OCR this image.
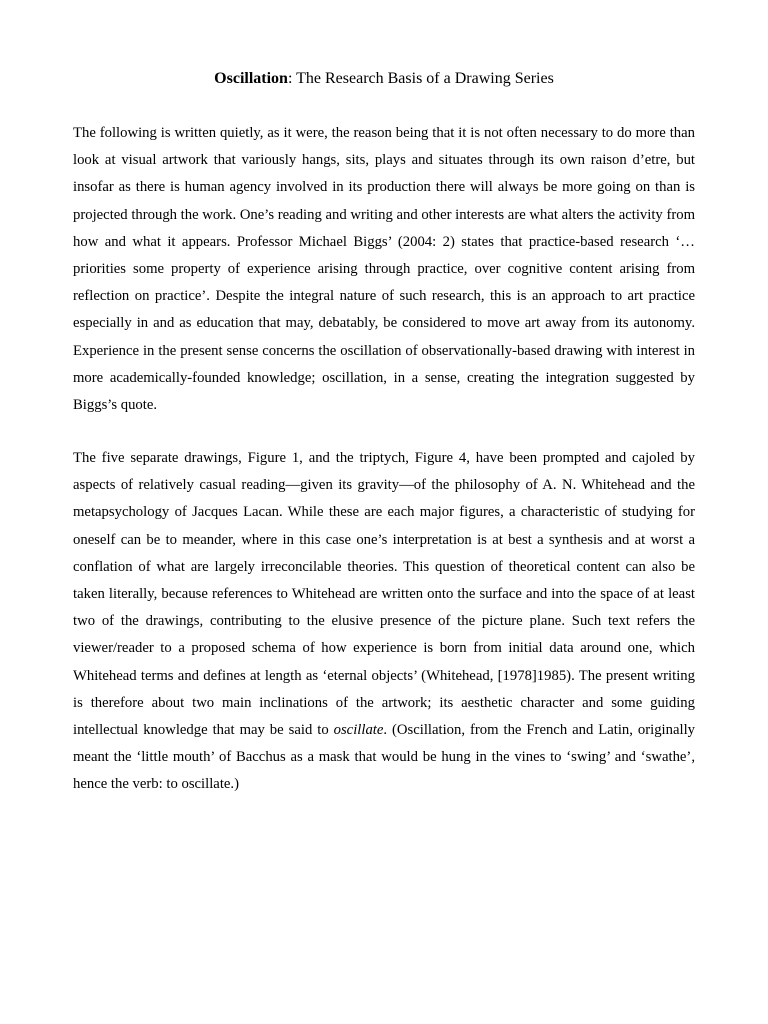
Oscillation: The Research Basis of a Drawing Series

The following is written quietly, as it were, the reason being that it is not often necessary to do more than look at visual artwork that variously hangs, sits, plays and situates through its own raison d’etre, but insofar as there is human agency involved in its production there will always be more going on than is projected through the work. One’s reading and writing and other interests are what alters the activity from how and what it appears. Professor Michael Biggs’ (2004: 2) states that practice-based research ‘…priorities some property of experience arising through practice, over cognitive content arising from reflection on practice’. Despite the integral nature of such research, this is an approach to art practice especially in and as education that may, debatably, be considered to move art away from its autonomy. Experience in the present sense concerns the oscillation of observationally-based drawing with interest in more academically-founded knowledge; oscillation, in a sense, creating the integration suggested by Biggs’s quote.

The five separate drawings, Figure 1, and the triptych, Figure 4, have been prompted and cajoled by aspects of relatively casual reading—given its gravity—of the philosophy of A. N. Whitehead and the metapsychology of Jacques Lacan. While these are each major figures, a characteristic of studying for oneself can be to meander, where in this case one’s interpretation is at best a synthesis and at worst a conflation of what are largely irreconcilable theories. This question of theoretical content can also be taken literally, because references to Whitehead are written onto the surface and into the space of at least two of the drawings, contributing to the elusive presence of the picture plane. Such text refers the viewer/reader to a proposed schema of how experience is born from initial data around one, which Whitehead terms and defines at length as ‘eternal objects’ (Whitehead, [1978]1985). The present writing is therefore about two main inclinations of the artwork; its aesthetic character and some guiding intellectual knowledge that may be said to oscillate. (Oscillation, from the French and Latin, originally meant the ‘little mouth’ of Bacchus as a mask that would be hung in the vines to ‘swing’ and ‘swathe’, hence the verb: to oscillate.)
